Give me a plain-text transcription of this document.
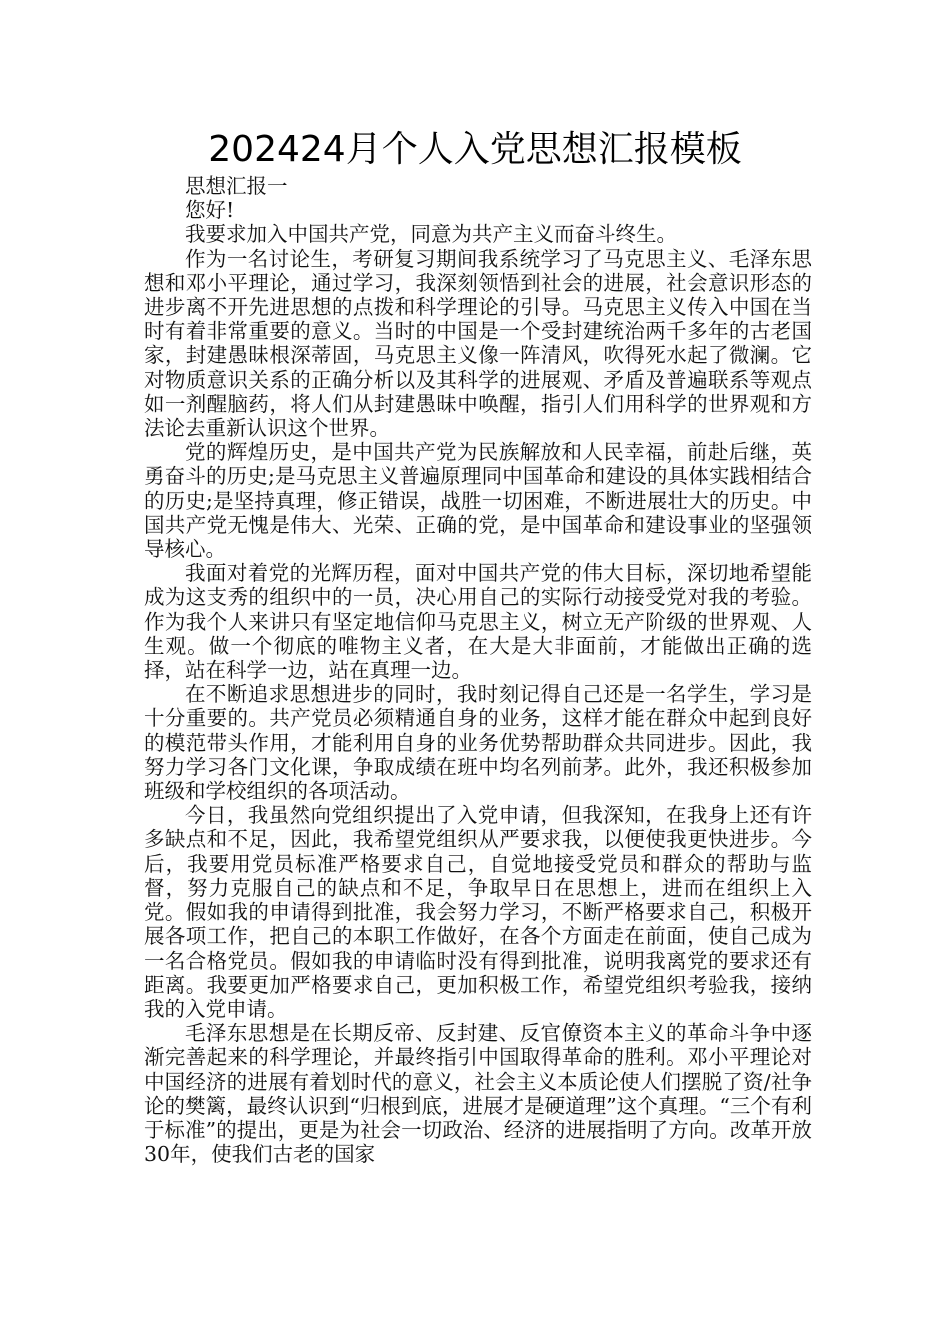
202424月个人入党思想汇报模板

思想汇报一

您好!

我要求加入中国共产党，同意为共产主义而奋斗终生。

作为一名讨论生，考研复习期间我系统学习了马克思主义、毛泽东思想和邓小平理论，通过学习，我深刻领悟到社会的进展，社会意识形态的进步离不开先进思想的点拨和科学理论的引导。马克思主义传入中国在当时有着非常重要的意义。当时的中国是一个受封建统治两千多年的古老国家，封建愚昧根深蒂固，马克思主义像一阵清风，吹得死水起了微澜。它对物质意识关系的正确分析以及其科学的进展观、矛盾及普遍联系等观点如一剂醒脑药，将人们从封建愚昧中唤醒，指引人们用科学的世界观和方法论去重新认识这个世界。

党的辉煌历史，是中国共产党为民族解放和人民幸福，前赴后继，英勇奋斗的历史;是马克思主义普遍原理同中国革命和建设的具体实践相结合的历史;是坚持真理，修正错误，战胜一切困难，不断进展壮大的历史。中国共产党无愧是伟大、光荣、正确的党，是中国革命和建设事业的坚强领导核心。

我面对着党的光辉历程，面对中国共产党的伟大目标，深切地希望能成为这支秀的组织中的一员，决心用自己的实际行动接受党对我的考验。作为我个人来讲只有坚定地信仰马克思主义，树立无产阶级的世界观、人生观。做一个彻底的唯物主义者，在大是大非面前，才能做出正确的选择，站在科学一边，站在真理一边。

在不断追求思想进步的同时，我时刻记得自己还是一名学生，学习是十分重要的。共产党员必须精通自身的业务，这样才能在群众中起到良好的模范带头作用，才能利用自身的业务优势帮助群众共同进步。因此，我努力学习各门文化课，争取成绩在班中均名列前茅。此外，我还积极参加班级和学校组织的各项活动。

今日，我虽然向党组织提出了入党申请，但我深知，在我身上还有许多缺点和不足，因此，我希望党组织从严要求我，以便使我更快进步。今后，我要用党员标准严格要求自己，自觉地接受党员和群众的帮助与监督，努力克服自己的缺点和不足，争取早日在思想上，进而在组织上入党。假如我的申请得到批准，我会努力学习，不断严格要求自己，积极开展各项工作，把自己的本职工作做好，在各个方面走在前面，使自己成为一名合格党员。假如我的申请临时没有得到批准，说明我离党的要求还有距离。我要更加严格要求自己，更加积极工作，希望党组织考验我，接纳我的入党申请。

毛泽东思想是在长期反帝、反封建、反官僚资本主义的革命斗争中逐渐完善起来的科学理论，并最终指引中国取得革命的胜利。邓小平理论对中国经济的进展有着划时代的意义，社会主义本质论使人们摆脱了资/社争论的樊篱，最终认识到“归根到底，进展才是硬道理”这个真理。“三个有利于标准”的提出，更是为社会一切政治、经济的进展指明了方向。改革开放30年，使我们古老的国家
